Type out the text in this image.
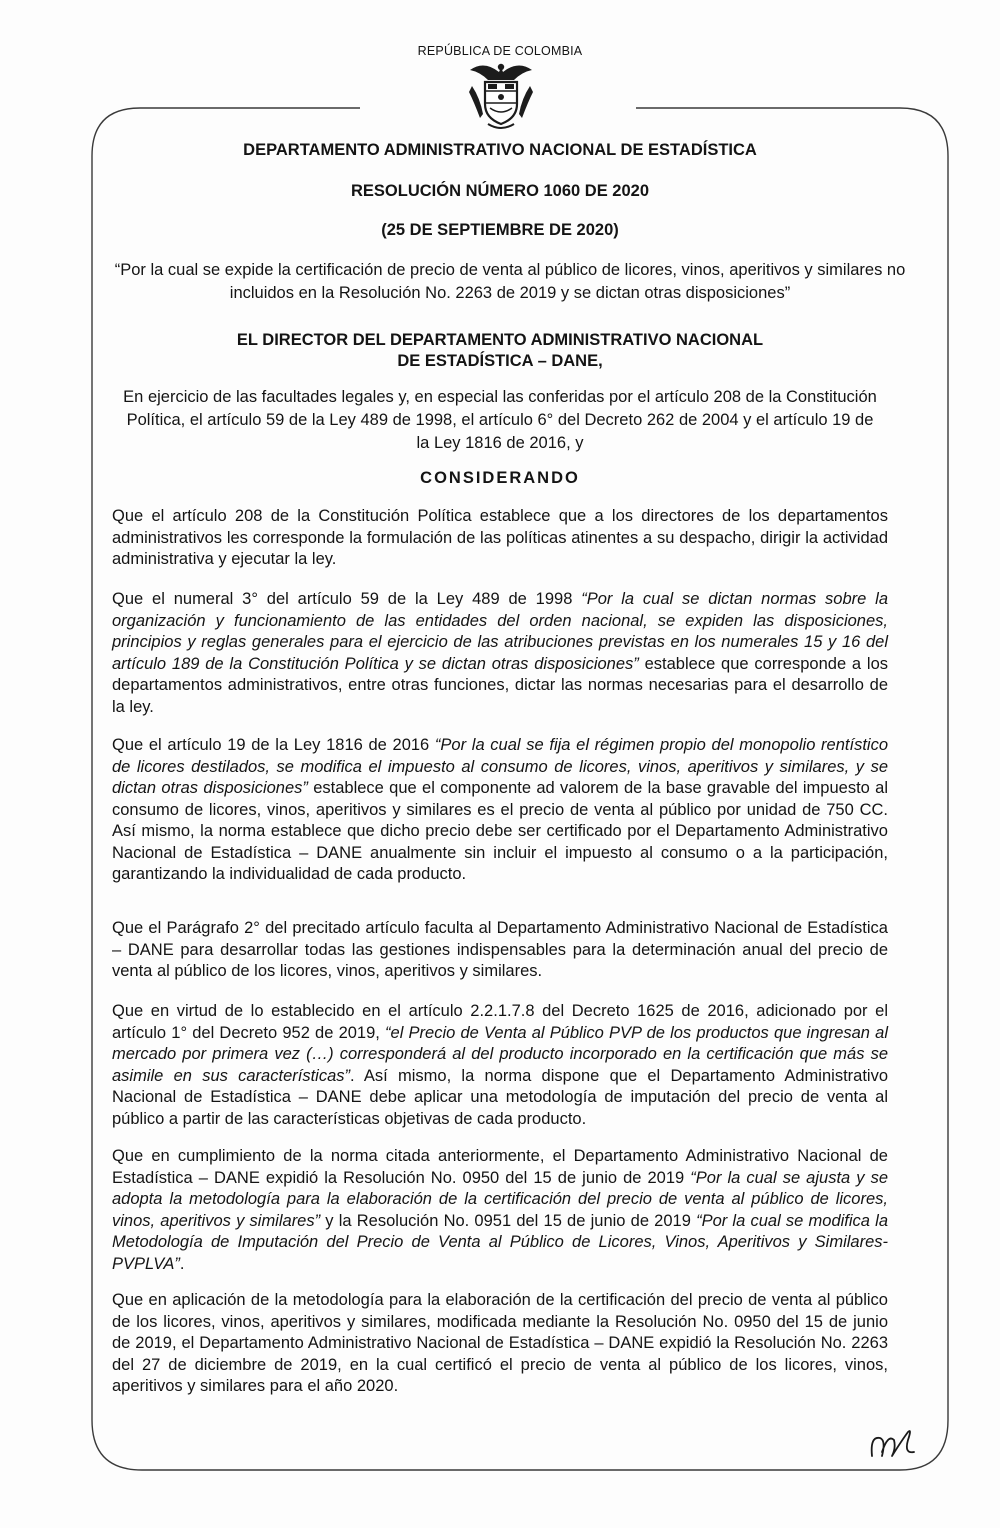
REPÚBLICA DE COLOMBIA
DEPARTAMENTO ADMINISTRATIVO NACIONAL DE ESTADÍSTICA
RESOLUCIÓN NÚMERO 1060 DE 2020
(25 DE SEPTIEMBRE DE 2020)
“Por la cual se expide la certificación de precio de venta al público de licores, vinos, aperitivos y similares no incluidos en la Resolución No. 2263 de 2019 y se dictan otras disposiciones”
EL DIRECTOR DEL DEPARTAMENTO ADMINISTRATIVO NACIONAL
DE ESTADÍSTICA – DANE,
En ejercicio de las facultades legales y, en especial las conferidas por el artículo 208 de la Constitución Política, el artículo 59 de la Ley 489 de 1998, el artículo 6° del Decreto 262 de 2004 y el artículo 19 de la Ley 1816 de 2016, y
CONSIDERANDO

Que el artículo 208 de la Constitución Política establece que a los directores de los departamentos administrativos les corresponde la formulación de las políticas atinentes a su despacho, dirigir la actividad administrativa y ejecutar la ley.

Que el numeral 3° del artículo 59 de la Ley 489 de 1998 “Por la cual se dictan normas sobre la organización y funcionamiento de las entidades del orden nacional, se expiden las disposiciones, principios y reglas generales para el ejercicio de las atribuciones previstas en los numerales 15 y 16 del artículo 189 de la Constitución Política y se dictan otras disposiciones” establece que corresponde a los departamentos administrativos, entre otras funciones, dictar las normas necesarias para el desarrollo de la ley.

Que el artículo 19 de la Ley 1816 de 2016 “Por la cual se fija el régimen propio del monopolio rentístico de licores destilados, se modifica el impuesto al consumo de licores, vinos, aperitivos y similares, y se dictan otras disposiciones” establece que el componente ad valorem de la base gravable del impuesto al consumo de licores, vinos, aperitivos y similares es el precio de venta al público por unidad de 750 CC. Así mismo, la norma establece que dicho precio debe ser certificado por el Departamento Administrativo Nacional de Estadística – DANE anualmente sin incluir el impuesto al consumo o a la participación, garantizando la individualidad de cada producto.

Que el Parágrafo 2° del precitado artículo faculta al Departamento Administrativo Nacional de Estadística – DANE para desarrollar todas las gestiones indispensables para la determinación anual del precio de venta al público de los licores, vinos, aperitivos y similares.

Que en virtud de lo establecido en el artículo 2.2.1.7.8 del Decreto 1625 de 2016, adicionado por el artículo 1° del Decreto 952 de 2019, “el Precio de Venta al Público PVP de los productos que ingresan al mercado por primera vez (…) corresponderá al del producto incorporado en la certificación que más se asimile en sus características”. Así mismo, la norma dispone que el Departamento Administrativo Nacional de Estadística – DANE debe aplicar una metodología de imputación del precio de venta al público a partir de las características objetivas de cada producto.

Que en cumplimiento de la norma citada anteriormente, el Departamento Administrativo Nacional de Estadística – DANE expidió la Resolución No. 0950 del 15 de junio de 2019 “Por la cual se ajusta y se adopta la metodología para la elaboración de la certificación del precio de venta al público de licores, vinos, aperitivos y similares” y la Resolución No. 0951 del 15 de junio de 2019 “Por la cual se modifica la Metodología de Imputación del Precio de Venta al Público de Licores, Vinos, Aperitivos y Similares- PVPLVA”.

Que en aplicación de la metodología para la elaboración de la certificación del precio de venta al público de los licores, vinos, aperitivos y similares, modificada mediante la Resolución No. 0950 del 15 de junio de 2019, el Departamento Administrativo Nacional de Estadística – DANE expidió la Resolución No. 2263 del 27 de diciembre de 2019, en la cual certificó el precio de venta al público de los licores, vinos, aperitivos y similares para el año 2020.
